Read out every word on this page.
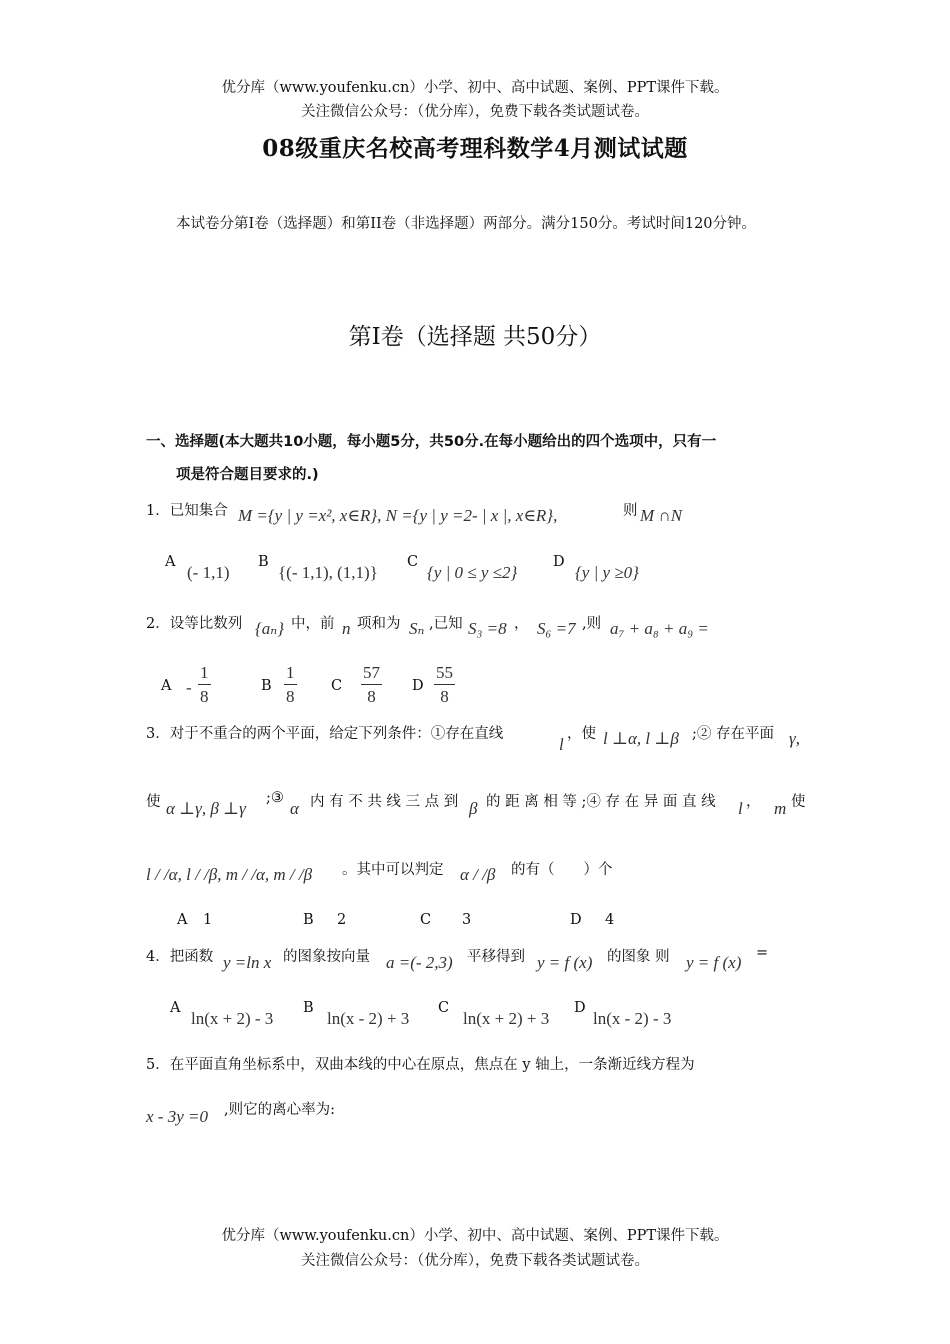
优分库（www.youfenku.cn）小学、初中、高中试题、案例、PPT课件下载。
关注微信公众号：（优分库），免费下载各类试题试卷。
08级重庆名校高考理科数学4月测试试题
本试卷分第I卷（选择题）和第II卷（非选择题）两部分。满分150分。考试时间120分钟。
第I卷（选择题 共50分）
一、选择题(本大题共10小题，每小题5分，共50分.在每小题给出的四个选项中，只有一
项是符合题目要求的.)
1．已知集合 M ={y | y =x², x∈R}, N ={y | y =2- | x |, x∈R},	则 M ∩N
A
(- 1,1)
B
{(- 1,1), (1,1)}
C
{y | 0 ≤ y ≤2}
D
{y | y ≥0}
2．设等比数列 {aₙ} 中，前 n 项和为 Sₙ ,已知 S₃ =8 ， S₆ =7 ,则 a₇ + a₈ + a₉ =
A - $\frac{1}{8}$	B $\frac{1}{8}$ C $\frac{57}{8}$ D $\frac{55}{8}$
3．对于不重合的两个平面，给定下列条件：①存在直线
l
，使 l ⊥α, l ⊥β ;② 存在平面 γ,
使 α ⊥γ, β ⊥γ
;③
α 内 有 不 共 线 三 点 到 β 的 距 离 相 等 ;④ 存 在 异 面 直 线 l ， m 使
l / /α, l / /β, m / /α, m / /β 。其中可以判定 α / /β 的有（　　）个
A 1	B 2	C 3	D 4
4．把函数 y =ln x 的图象按向量 a =(- 2,3) 平移得到 y = f (x) 的图象 则 y = f (x) =
A
ln(x + 2) - 3
B
ln(x - 2) + 3
C
ln(x + 2) + 3
D
ln(x - 2) - 3
5．在平面直角坐标系中，双曲本线的中心在原点，焦点在 y 轴上，一条渐近线方程为
x - 3y =0 ,则它的离心率为:
优分库（www.youfenku.cn）小学、初中、高中试题、案例、PPT课件下载。
关注微信公众号：（优分库），免费下载各类试题试卷。
